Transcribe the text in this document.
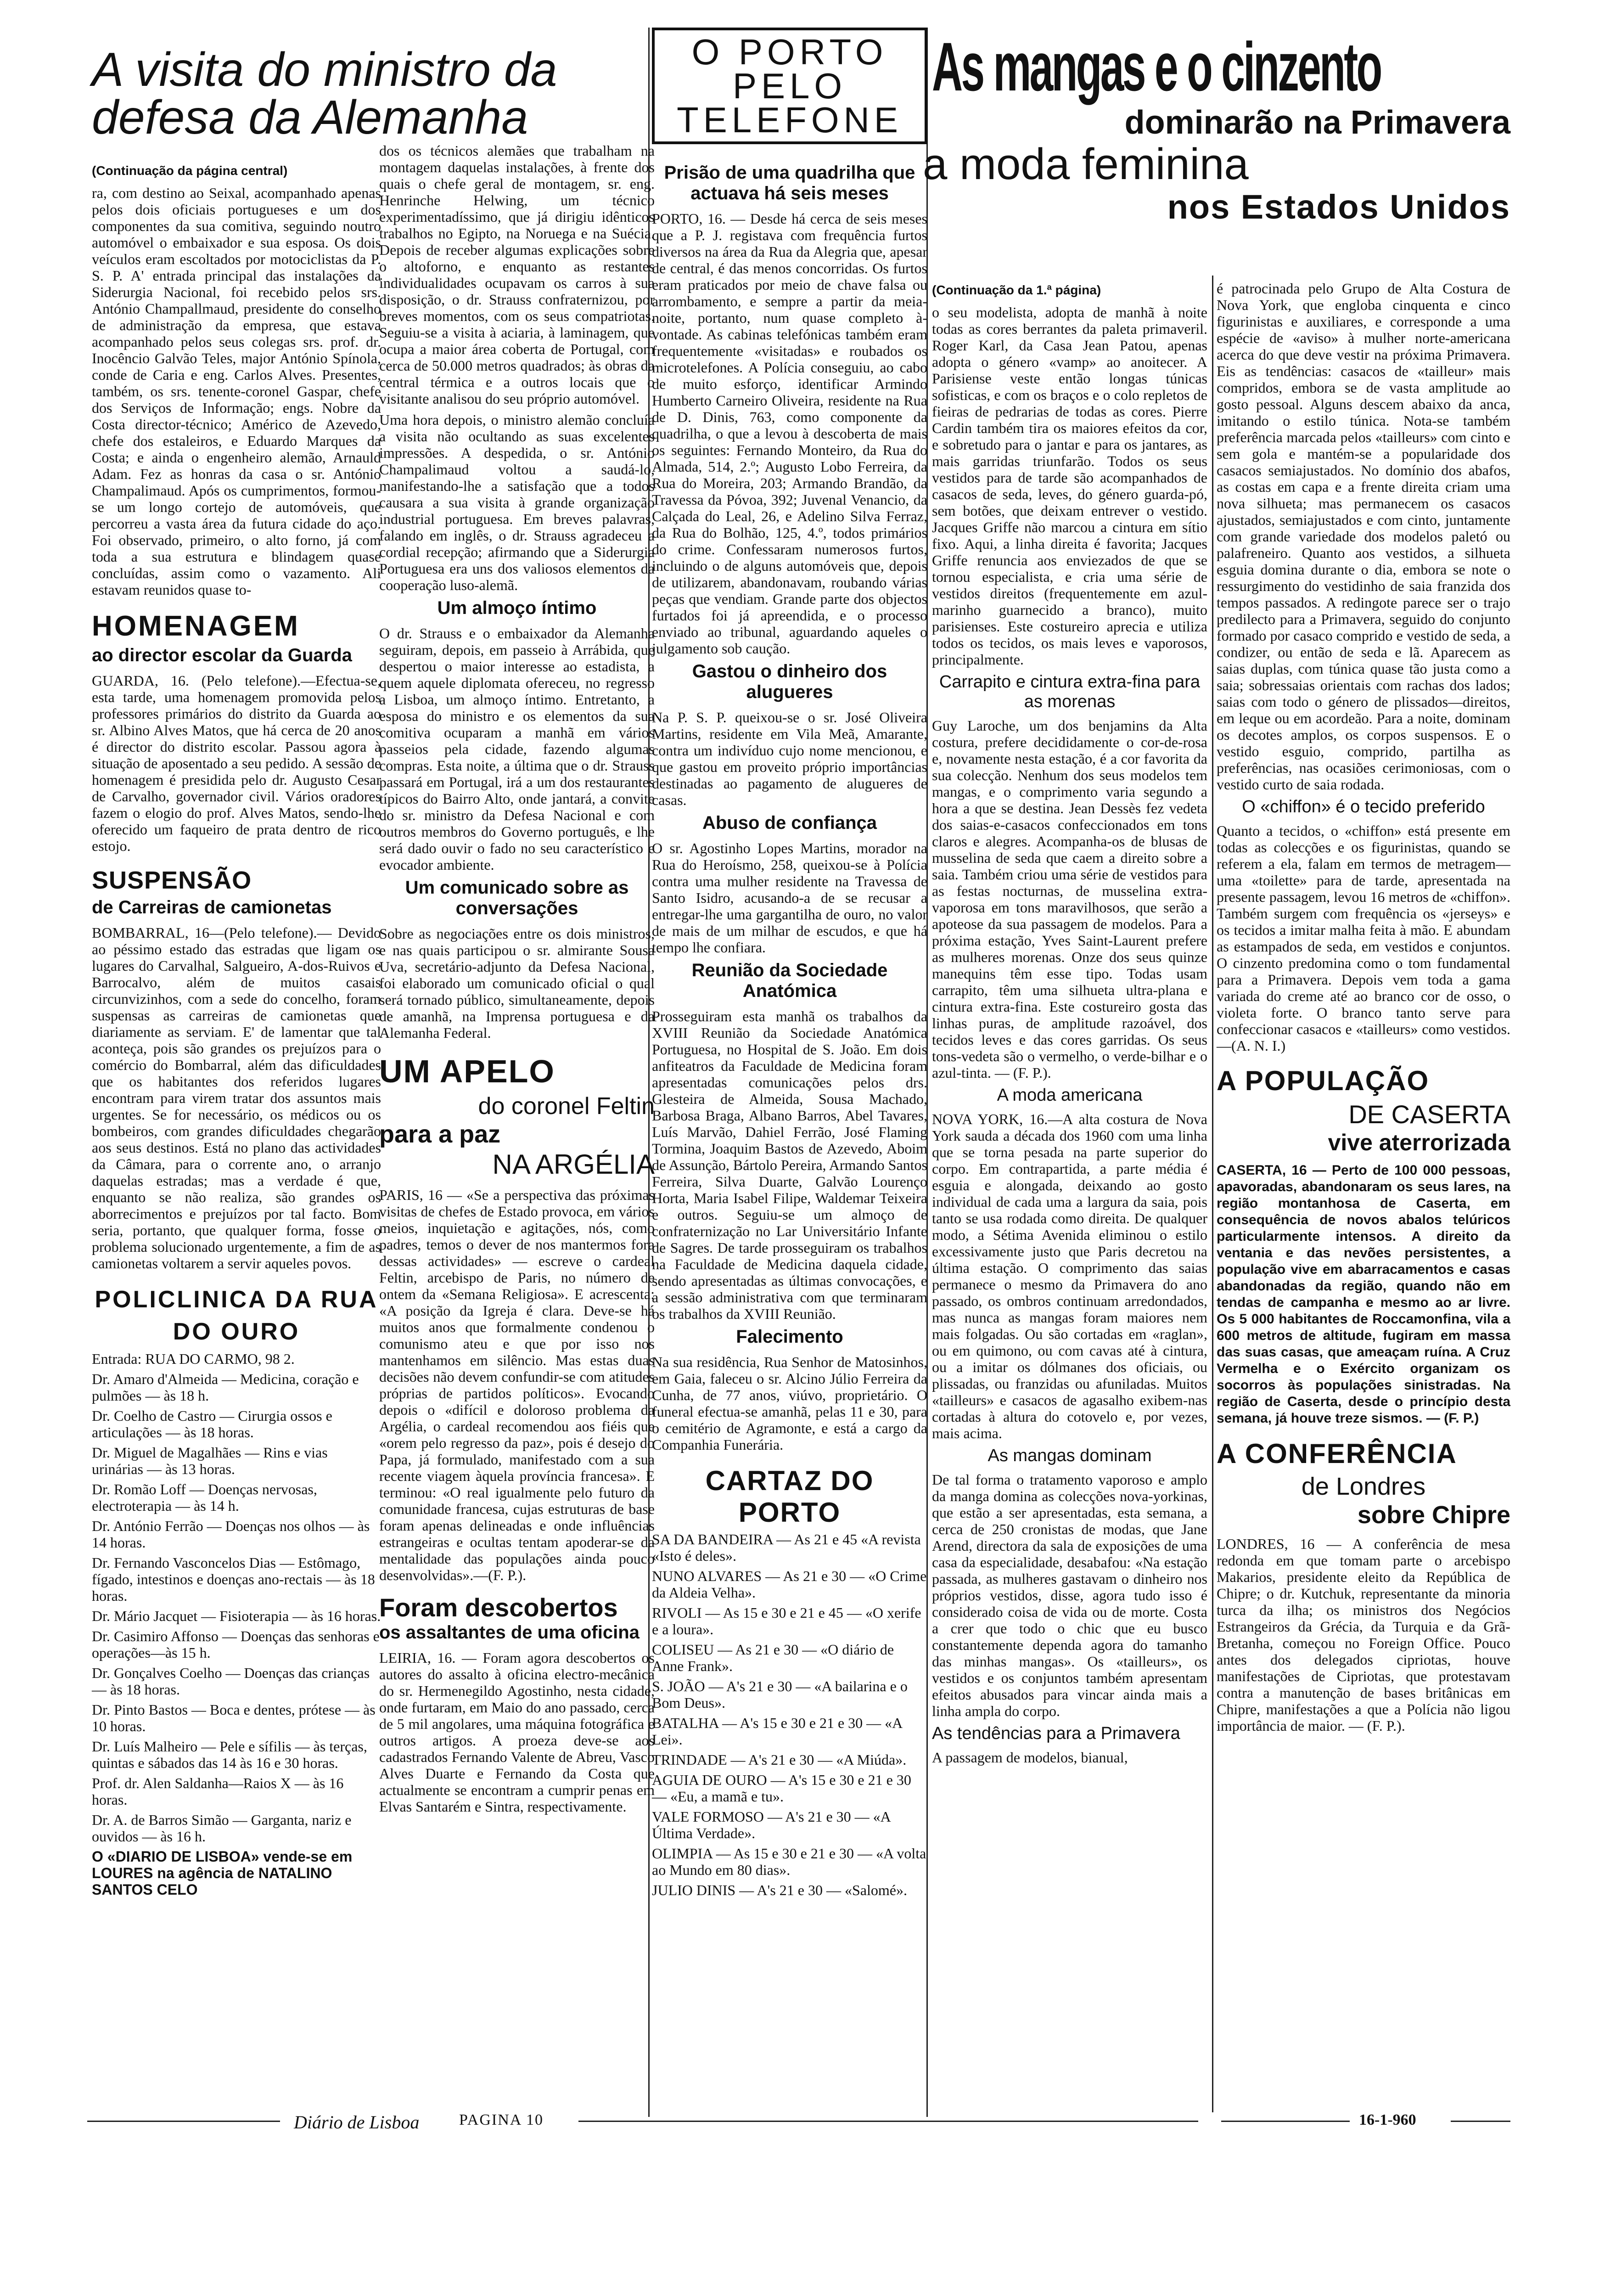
A visita do ministro da defesa da Alemanha
(Continuação da página central)

ra, com destino ao Seixal, acompanhado apenas pelos dois oficiais portugueses e um dos componentes da sua comitiva, seguindo noutro automóvel o embaixador e sua esposa. Os dois veículos eram escoltados por motociclistas da P. S. P. A' entrada principal das instalações da Siderurgia Nacional, foi recebido pelos srs. António Champallmaud, presidente do conselho de administração da empresa, que estava acompanhado pelos seus colegas srs. prof. dr. Inocêncio Galvão Teles, major António Spínola, conde de Caria e eng. Carlos Alves. Presentes, também, os srs. tenente-coronel Gaspar, chefe dos Serviços de Informação; engs. Nobre da Costa director-técnico; Américo de Azevedo, chefe dos estaleiros, e Eduardo Marques da Costa; e ainda o engenheiro alemão, Arnauld Adam. Fez as honras da casa o sr. António Champalimaud. Após os cumprimentos, formou-se um longo cortejo de automóveis, que percorreu a vasta área da futura cidade do aço. Foi observado, primeiro, o alto forno, já com toda a sua estrutura e blindagem quase concluídas, assim como o vazamento. Ali estavam reunidos quase to-

HOMENAGEM
ao director escolar da Guarda

GUARDA, 16. (Pelo telefone).—Efectua-se, esta tarde, uma homenagem promovida pelos professores primários do distrito da Guarda ao sr. Albino Alves Matos, que há cerca de 20 anos é director do distrito escolar. Passou agora à situação de aposentado a seu pedido. A sessão de homenagem é presidida pelo dr. Augusto Cesar de Carvalho, governador civil. Vários oradores fazem o elogio do prof. Alves Matos, sendo-lhe oferecido um faqueiro de prata dentro de rico estojo.

SUSPENSÃO
de Carreiras de camionetas

BOMBARRAL, 16—(Pelo telefone).— Devido ao péssimo estado das estradas que ligam os lugares do Carvalhal, Salgueiro, A-dos-Ruivos e Barrocalvo, além de muitos casais circunvizinhos, com a sede do concelho, foram suspensas as carreiras de camionetas que diariamente as serviam. E' de lamentar que tal aconteça, pois são grandes os prejuízos para o comércio do Bombarral, além das dificuldades que os habitantes dos referidos lugares encontram para virem tratar dos assuntos mais urgentes. Se for necessário, os médicos ou os bombeiros, com grandes dificuldades chegarão aos seus destinos. Está no plano das actividades da Câmara, para o corrente ano, o arranjo daquelas estradas; mas a verdade é que, enquanto se não realiza, são grandes os aborrecimentos e prejuízos por tal facto. Bom seria, portanto, que qualquer forma, fosse o problema solucionado urgentemente, a fim de as camionetas voltarem a servir aqueles povos.

POLICLINICA DA RUA DO OURO
Entrada: RUA DO CARMO, 98 2.
Dr. Amaro d'Almeida — Medicina, coração e pulmões — às 18 h.
Dr. Coelho de Castro — Cirurgia ossos e articulações — às 18 horas.
Dr. Miguel de Magalhães — Rins e vias urinárias — às 13 horas.
Dr. Romão Loff — Doenças nervosas, electroterapia — às 14 h.
Dr. António Ferrão — Doenças nos olhos — às 14 horas.
Dr. Fernando Vasconcelos Dias — Estômago, fígado, intestinos e doenças ano-rectais — às 18 horas.
Dr. Mário Jacquet — Fisioterapia — às 16 horas.
Dr. Casimiro Affonso — Doenças das senhoras e operações—às 15 h.
Dr. Gonçalves Coelho — Doenças das crianças — às 18 horas.
Dr. Pinto Bastos — Boca e dentes, prótese — às 10 horas.
Dr. Luís Malheiro — Pele e sífilis — às terças, quintas e sábados das 14 às 16 e 30 horas.
Prof. dr. Alen Saldanha—Raios X — às 16 horas.
Dr. A. de Barros Simão — Garganta, nariz e ouvidos — às 16 h.
O «DIARIO DE LISBOA» vende-se em LOURES na agência de NATALINO SANTOS CELO

dos os técnicos alemães que trabalham na montagem daquelas instalações, à frente dos quais o chefe geral de montagem, sr. eng. Henrinche Helwing, um técnico experimentadíssimo, que já dirigiu idênticos trabalhos no Egipto, na Noruega e na Suécia. Depois de receber algumas explicações sobre o altoforno, e enquanto as restantes individualidades ocupavam os carros à sua disposição, o dr. Strauss confraternizou, por breves momentos, com os seus compatriotas. Seguiu-se a visita à aciaria, à laminagem, que ocupa a maior área coberta de Portugal, com cerca de 50.000 metros quadrados; às obras da central térmica e a outros locais que o visitante analisou do seu próprio automóvel.

Uma hora depois, o ministro alemão concluía a visita não ocultando as suas excelentes impressões. A despedida, o sr. António Champalimaud voltou a saudá-lo, manifestando-lhe a satisfação que a todos causara a sua visita à grande organização industrial portuguesa. Em breves palavras, falando em inglês, o dr. Strauss agradeceu a cordial recepção; afirmando que a Siderurgia Portuguesa era uns dos valiosos elementos da cooperação luso-alemã.

Um almoço íntimo

O dr. Strauss e o embaixador da Alemanha seguiram, depois, em passeio à Arrábida, que despertou o maior interesse ao estadista, a quem aquele diplomata ofereceu, no regresso a Lisboa, um almoço íntimo. Entretanto, a esposa do ministro e os elementos da sua comitiva ocuparam a manhã em vários passeios pela cidade, fazendo algumas compras. Esta noite, a última que o dr. Strauss passará em Portugal, irá a um dos restaurantes típicos do Bairro Alto, onde jantará, a convite do sr. ministro da Defesa Nacional e com outros membros do Governo português, e lhe será dado ouvir o fado no seu característico e evocador ambiente.

Um comunicado sobre as conversações

Sobre as negociações entre os dois ministros, e nas quais participou o sr. almirante Sousa Uva, secretário-adjunto da Defesa Nacional, foi elaborado um comunicado oficial o qual será tornado público, simultaneamente, depois de amanhã, na Imprensa portuguesa e da Alemanha Federal.

UM APELO
do coronel Feltin
para a paz
NA ARGÉLIA

PARIS, 16 — «Se a perspectiva das próximas visitas de chefes de Estado provoca, em vários meios, inquietação e agitações, nós, como padres, temos o dever de nos mantermos fora dessas actividades» — escreve o cardeal Feltin, arcebispo de Paris, no número de ontem da «Semana Religiosa». E acrescenta: «A posição da Igreja é clara. Deve-se há muitos anos que formalmente condenou o comunismo ateu e que por isso nos mantenhamos em silêncio. Mas estas duas decisões não devem confundir-se com atitudes próprias de partidos políticos». Evocando depois o «difícil e doloroso problema da Argélia, o cardeal recomendou aos fiéis que «orem pelo regresso da paz», pois é desejo do Papa, já formulado, manifestado com a sua recente viagem àquela província francesa». E terminou: «O real igualmente pelo futuro da comunidade francesa, cujas estruturas de base foram apenas delineadas e onde influências estrangeiras e ocultas tentam apoderar-se da mentalidade das populações ainda pouco desenvolvidas».—(F. P.).

Foram descobertos
os assaltantes de uma oficina

LEIRIA, 16. — Foram agora descobertos os autores do assalto à oficina electro-mecânica do sr. Hermenegildo Agostinho, nesta cidade, onde furtaram, em Maio do ano passado, cerca de 5 mil angolares, uma máquina fotográfica e outros artigos. A proeza deve-se aos cadastrados Fernando Valente de Abreu, Vasco Alves Duarte e Fernando da Costa que actualmente se encontram a cumprir penas em Elvas Santarém e Sintra, respectivamente.

O PORTO PELO TELEFONE
Prisão de uma quadrilha que actuava há seis meses

PORTO, 16. — Desde há cerca de seis meses que a P. J. registava com frequência furtos diversos na área da Rua da Alegria que, apesar de central, é das menos concorridas. Os furtos eram praticados por meio de chave falsa ou arrombamento, e sempre a partir da meia-noite, portanto, num quase completo à-vontade. As cabinas telefónicas também eram frequentemente «visitadas» e roubados os microtelefones. A Polícia conseguiu, ao cabo de muito esforço, identificar Armindo Humberto Carneiro Oliveira, residente na Rua de D. Dinis, 763, como componente da quadrilha, o que a levou à descoberta de mais os seguintes: Fernando Monteiro, da Rua do Almada, 514, 2.º; Augusto Lobo Ferreira, da Rua do Moreira, 203; Armando Brandão, da Travessa da Póvoa, 392; Juvenal Venancio, da Calçada do Leal, 26, e Adelino Silva Ferraz, da Rua do Bolhão, 125, 4.º, todos primários do crime. Confessaram numerosos furtos, incluindo o de alguns automóveis que, depois de utilizarem, abandonavam, roubando várias peças que vendiam. Grande parte dos objectos furtados foi já apreendida, e o processo enviado ao tribunal, aguardando aqueles o julgamento sob caução.

Gastou o dinheiro dos alugueres

Na P. S. P. queixou-se o sr. José Oliveira Martins, residente em Vila Meã, Amarante, contra um indivíduo cujo nome mencionou, e que gastou em proveito próprio importâncias destinadas ao pagamento de alugueres de casas.

Abuso de confiança

O sr. Agostinho Lopes Martins, morador na Rua do Heroísmo, 258, queixou-se à Polícia contra uma mulher residente na Travessa de Santo Isidro, acusando-a de se recusar a entregar-lhe uma gargantilha de ouro, no valor de mais de um milhar de escudos, e que há tempo lhe confiara.

Reunião da Sociedade Anatómica

Prosseguiram esta manhã os trabalhos da XVIII Reunião da Sociedade Anatómica Portuguesa, no Hospital de S. João. Em dois anfiteatros da Faculdade de Medicina foram apresentadas comunicações pelos drs. Glesteira de Almeida, Sousa Machado, Barbosa Braga, Albano Barros, Abel Tavares, Luís Marvão, Dahiel Ferrão, José Flaming Tormina, Joaquim Bastos de Azevedo, Aboim de Assunção, Bártolo Pereira, Armando Santos Ferreira, Silva Duarte, Galvão Lourenço Horta, Maria Isabel Filipe, Waldemar Teixeira e outros. Seguiu-se um almoço de confraternização no Lar Universitário Infante de Sagres. De tarde prosseguiram os trabalhos na Faculdade de Medicina daquela cidade, sendo apresentadas as últimas convocações, e a sessão administrativa com que terminaram os trabalhos da XVIII Reunião.

Falecimento

Na sua residência, Rua Senhor de Matosinhos, em Gaia, faleceu o sr. Alcino Júlio Ferreira da Cunha, de 77 anos, viúvo, proprietário. O funeral efectua-se amanhã, pelas 11 e 30, para o cemitério de Agramonte, e está a cargo da Companhia Funerária.

CARTAZ DO PORTO
SA DA BANDEIRA — As 21 e 45 «A revista «Isto é deles».
NUNO ALVARES — As 21 e 30 — «O Crime da Aldeia Velha».
RIVOLI — As 15 e 30 e 21 e 45 — «O xerife e a loura».
COLISEU — As 21 e 30 — «O diário de Anne Frank».
S. JOÃO — A's 21 e 30 — «A bailarina e o Bom Deus».
BATALHA — A's 15 e 30 e 21 e 30 — «A Lei».
TRINDADE — A's 21 e 30 — «A Miúda».
AGUIA DE OURO — A's 15 e 30 e 21 e 30 — «Eu, a mamã e tu».
VALE FORMOSO — A's 21 e 30 — «A Última Verdade».
OLIMPIA — As 15 e 30 e 21 e 30 — «A volta ao Mundo em 80 dias».
JULIO DINIS — A's 21 e 30 — «Salomé».
As mangas e o cinzento
dominarão na Primavera
a moda feminina
nos Estados Unidos
(Continuação da 1.ª página)

o seu modelista, adopta de manhã à noite todas as cores berrantes da paleta primaveril. Roger Karl, da Casa Jean Patou, apenas adopta o género «vamp» ao anoitecer. A Parisiense veste então longas túnicas sofisticas, e com os braços e o colo repletos de fieiras de pedrarias de todas as cores. Pierre Cardin também tira os maiores efeitos da cor, e sobretudo para o jantar e para os jantares, as mais garridas triunfarão. Todos os seus vestidos para de tarde são acompanhados de casacos de seda, leves, do género guarda-pó, sem botões, que deixam entrever o vestido. Jacques Griffe não marcou a cintura em sítio fixo. Aqui, a linha direita é favorita; Jacques Griffe renuncia aos enviezados de que se tornou especialista, e cria uma série de vestidos direitos (frequentemente em azul-marinho guarnecido a branco), muito parisienses. Este costureiro aprecia e utiliza todos os tecidos, os mais leves e vaporosos, principalmente.

Carrapito e cintura extra-fina para as morenas

Guy Laroche, um dos benjamins da Alta costura, prefere decididamente o cor-de-rosa e, novamente nesta estação, é a cor favorita da sua colecção. Nenhum dos seus modelos tem mangas, e o comprimento varia segundo a hora a que se destina. Jean Dessès fez vedeta dos saias-e-casacos confeccionados em tons claros e alegres. Acompanha-os de blusas de musselina de seda que caem a direito sobre a saia. Também criou uma série de vestidos para as festas nocturnas, de musselina extra-vaporosa em tons maravilhosos, que serão a apoteose da sua passagem de modelos. Para a próxima estação, Yves Saint-Laurent prefere as mulheres morenas. Onze dos seus quinze manequins têm esse tipo. Todas usam carrapito, têm uma silhueta ultra-plana e cintura extra-fina. Este costureiro gosta das linhas puras, de amplitude razoável, dos tecidos leves e das cores garridas. Os seus tons-vedeta são o vermelho, o verde-bilhar e o azul-tinta. — (F. P.).

A moda americana

NOVA YORK, 16.—A alta costura de Nova York sauda a década dos 1960 com uma linha que se torna pesada na parte superior do corpo. Em contrapartida, a parte média é esguia e alongada, deixando ao gosto individual de cada uma a largura da saia, pois tanto se usa rodada como direita. De qualquer modo, a Sétima Avenida eliminou o estilo excessivamente justo que Paris decretou na última estação. O comprimento das saias permanece o mesmo da Primavera do ano passado, os ombros continuam arredondados, mas nunca as mangas foram maiores nem mais folgadas. Ou são cortadas em «raglan», ou em quimono, ou com cavas até à cintura, ou a imitar os dólmanes dos oficiais, ou plissadas, ou franzidas ou afuniladas. Muitos «tailleurs» e casacos de agasalho exibem-nas cortadas à altura do cotovelo e, por vezes, mais acima.

As mangas dominam

De tal forma o tratamento vaporoso e amplo da manga domina as colecções nova-yorkinas, que estão a ser apresentadas, esta semana, a cerca de 250 cronistas de modas, que Jane Arend, directora da sala de exposições de uma casa da especialidade, desabafou: «Na estação passada, as mulheres gastavam o dinheiro nos próprios vestidos, disse, agora tudo isso é considerado coisa de vida ou de morte. Costa a crer que todo o chic que eu busco constantemente dependa agora do tamanho das minhas mangas». Os «tailleurs», os vestidos e os conjuntos também apresentam efeitos abusados para vincar ainda mais a linha ampla do corpo.

As tendências para a Primavera

A passagem de modelos, bianual,

é patrocinada pelo Grupo de Alta Costura de Nova York, que engloba cinquenta e cinco figurinistas e auxiliares, e corresponde a uma espécie de «aviso» à mulher norte-americana acerca do que deve vestir na próxima Primavera. Eis as tendências: casacos de «tailleur» mais compridos, embora se de vasta amplitude ao gosto pessoal. Alguns descem abaixo da anca, imitando o estilo túnica. Nota-se também preferência marcada pelos «tailleurs» com cinto e sem gola e mantém-se a popularidade dos casacos semiajustados. No domínio dos abafos, as costas em capa e a frente direita criam uma nova silhueta; mas permanecem os casacos ajustados, semiajustados e com cinto, juntamente com grande variedade dos modelos paletó ou palafreneiro. Quanto aos vestidos, a silhueta esguia domina durante o dia, embora se note o ressurgimento do vestidinho de saia franzida dos tempos passados. A redingote parece ser o trajo predilecto para a Primavera, seguido do conjunto formado por casaco comprido e vestido de seda, a condizer, ou então de seda e lã. Aparecem as saias duplas, com túnica quase tão justa como a saia; sobressaias orientais com rachas dos lados; saias com todo o género de plissados—direitos, em leque ou em acordeão. Para a noite, dominam os decotes amplos, os corpos suspensos. E o vestido esguio, comprido, partilha as preferências, nas ocasiões cerimoniosas, com o vestido curto de saia rodada.

O «chiffon» é o tecido preferido

Quanto a tecidos, o «chiffon» está presente em todas as colecções e os figurinistas, quando se referem a ela, falam em termos de metragem—uma «toilette» para de tarde, apresentada na presente passagem, levou 16 metros de «chiffon». Também surgem com frequência os «jerseys» e os tecidos a imitar malha feita à mão. E abundam as estampados de seda, em vestidos e conjuntos. O cinzento predomina como o tom fundamental para a Primavera. Depois vem toda a gama variada do creme até ao branco cor de osso, o violeta forte. O branco tanto serve para confeccionar casacos e «tailleurs» como vestidos.—(A. N. I.)

A POPULAÇÃO
DE CASERTA
vive aterrorizada

CASERTA, 16 — Perto de 100 000 pessoas, apavoradas, abandonaram os seus lares, na região montanhosa de Caserta, em consequência de novos abalos telúricos particularmente intensos. A direito da ventania e das nevões persistentes, a população vive em abarracamentos e casas abandonadas da região, quando não em tendas de campanha e mesmo ao ar livre. Os 5 000 habitantes de Roccamonfina, vila a 600 metros de altitude, fugiram em massa das suas casas, que ameaçam ruína. A Cruz Vermelha e o Exército organizam os socorros às populações sinistradas. Na região de Caserta, desde o princípio desta semana, já houve treze sismos. — (F. P.)

A CONFERÊNCIA
de Londres
sobre Chipre

LONDRES, 16 — A conferência de mesa redonda em que tomam parte o arcebispo Makarios, presidente eleito da República de Chipre; o dr. Kutchuk, representante da minoria turca da ilha; os ministros dos Negócios Estrangeiros da Grécia, da Turquia e da Grã-Bretanha, começou no Foreign Office. Pouco antes dos delegados cipriotas, houve manifestações de Cipriotas, que protestavam contra a manutenção de bases britânicas em Chipre, manifestações a que a Polícia não ligou importância de maior. — (F. P.).

Diário de Lisboa	PAGINA 10	16-1-960
